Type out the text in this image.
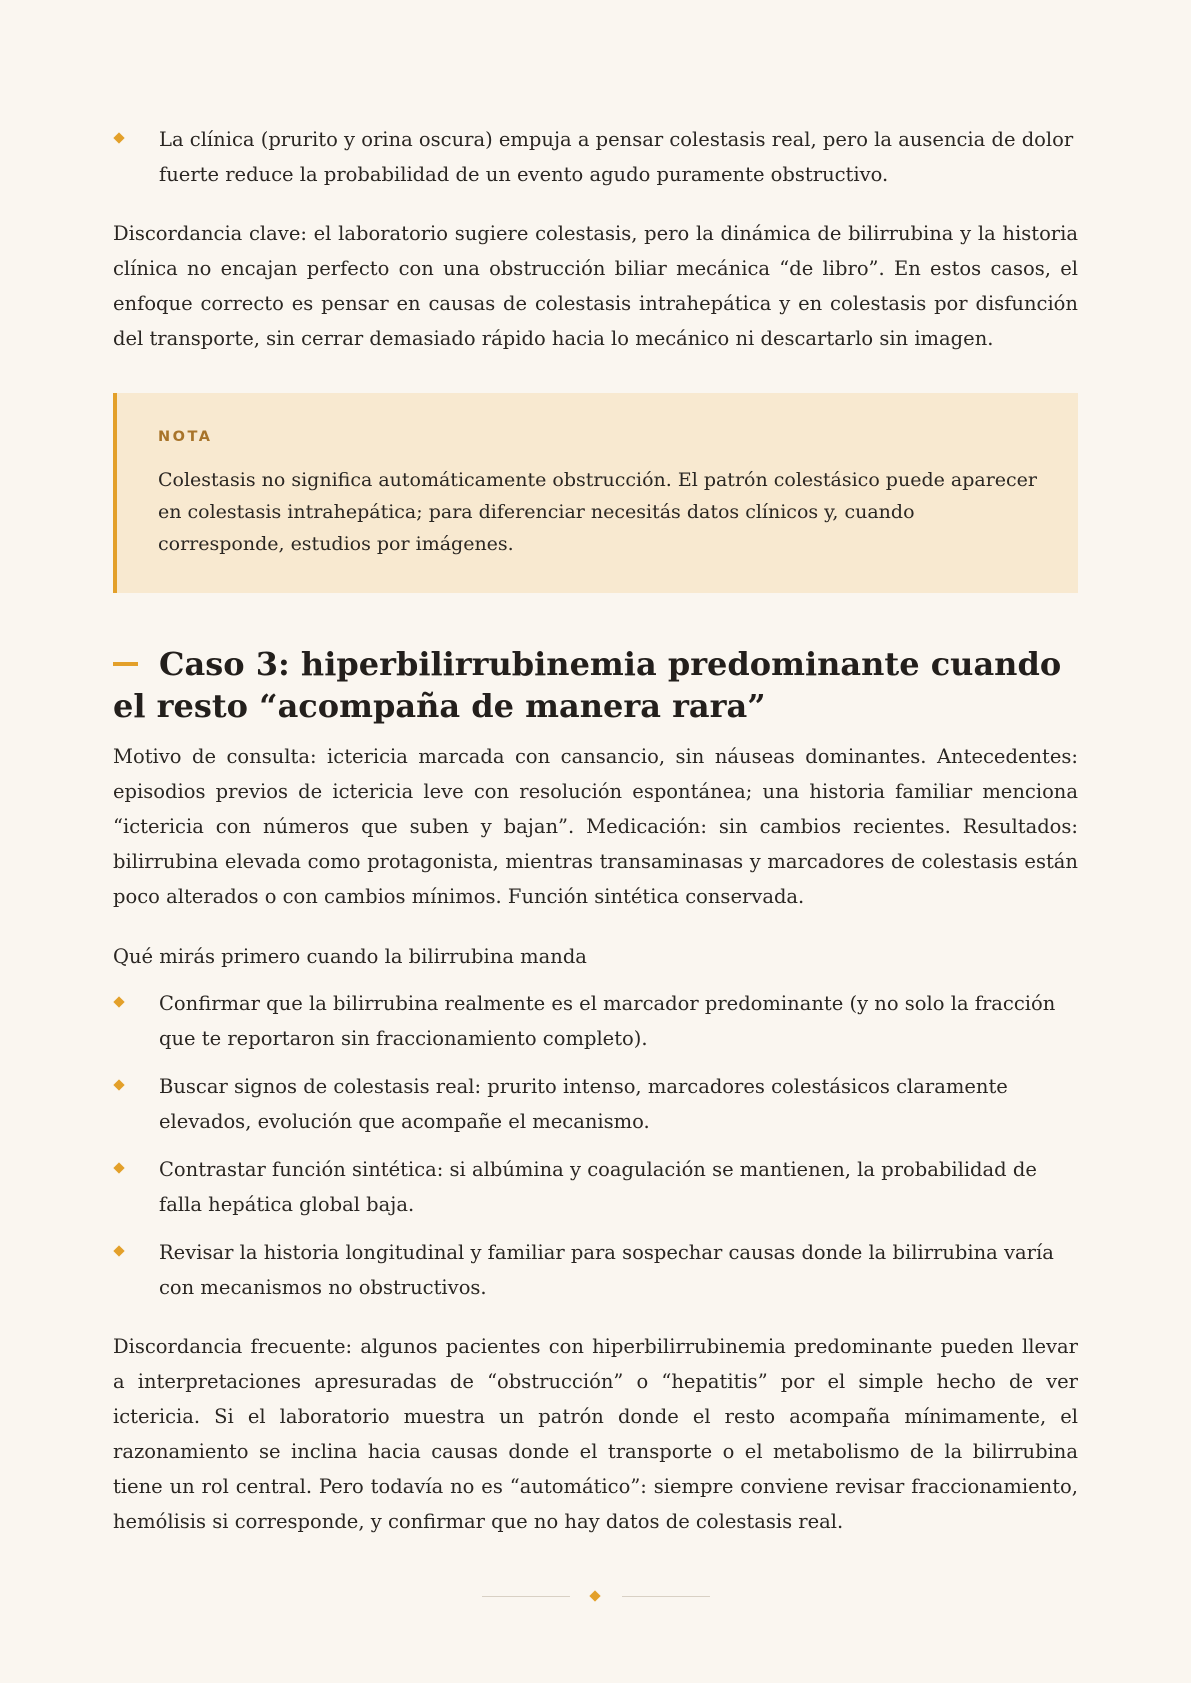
La clínica (prurito y orina oscura) empuja a pensar colestasis real, pero la ausencia de dolor fuerte reduce la probabilidad de un evento agudo puramente obstructivo.

Discordancia clave: el laboratorio sugiere colestasis, pero la dinámica de bilirrubina y la historia clínica no encajan perfecto con una obstrucción biliar mecánica “de libro”. En estos casos, el enfoque correcto es pensar en causas de colestasis intrahepática y en colestasis por disfunción del transporte, sin cerrar demasiado rápido hacia lo mecánico ni descartarlo sin imagen.

NOTA
Colestasis no significa automáticamente obstrucción. El patrón colestásico puede aparecer en colestasis intrahepática; para diferenciar necesitás datos clínicos y, cuando corresponde, estudios por imágenes.
Caso 3: hiperbilirrubinemia predominante cuando el resto “acompaña de manera rara”

Motivo de consulta: ictericia marcada con cansancio, sin náuseas dominantes. Antecedentes: episodios previos de ictericia leve con resolución espontánea; una historia familiar menciona “ictericia con números que suben y bajan”. Medicación: sin cambios recientes. Resultados: bilirrubina elevada como protagonista, mientras transaminasas y marcadores de colestasis están poco alterados o con cambios mínimos. Función sintética conservada.

Qué mirás primero cuando la bilirrubina manda

Confirmar que la bilirrubina realmente es el marcador predominante (y no solo la fracción que te reportaron sin fraccionamiento completo).
Buscar signos de colestasis real: prurito intenso, marcadores colestásicos claramente elevados, evolución que acompañe el mecanismo.
Contrastar función sintética: si albúmina y coagulación se mantienen, la probabilidad de falla hepática global baja.
Revisar la historia longitudinal y familiar para sospechar causas donde la bilirrubina varía con mecanismos no obstructivos.

Discordancia frecuente: algunos pacientes con hiperbilirrubinemia predominante pueden llevar a interpretaciones apresuradas de “obstrucción” o “hepatitis” por el simple hecho de ver ictericia. Si el laboratorio muestra un patrón donde el resto acompaña mínimamente, el razonamiento se inclina hacia causas donde el transporte o el metabolismo de la bilirrubina tiene un rol central. Pero todavía no es “automático”: siempre conviene revisar fraccionamiento, hemólisis si corresponde, y confirmar que no hay datos de colestasis real.
